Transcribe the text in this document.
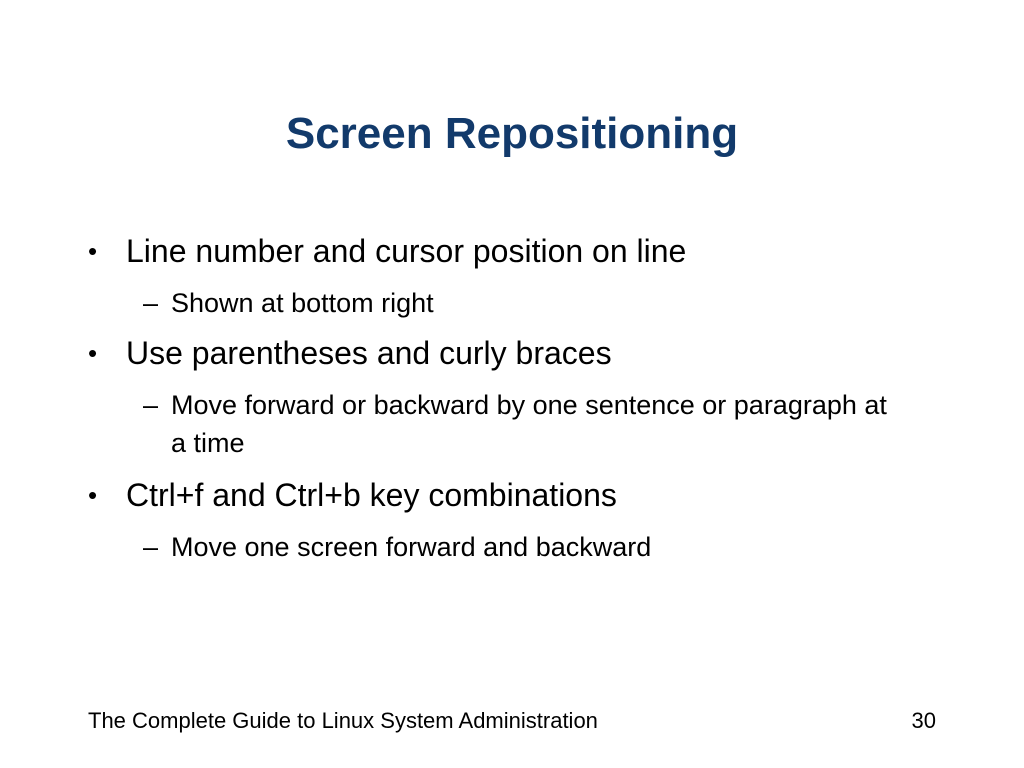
Screen Repositioning
• Line number and cursor position on line
– Shown at bottom right
• Use parentheses and curly braces
– Move forward or backward by one sentence or paragraph at a time
• Ctrl+f and Ctrl+b key combinations
– Move one screen forward and backward
The Complete Guide to Linux System Administration	30
